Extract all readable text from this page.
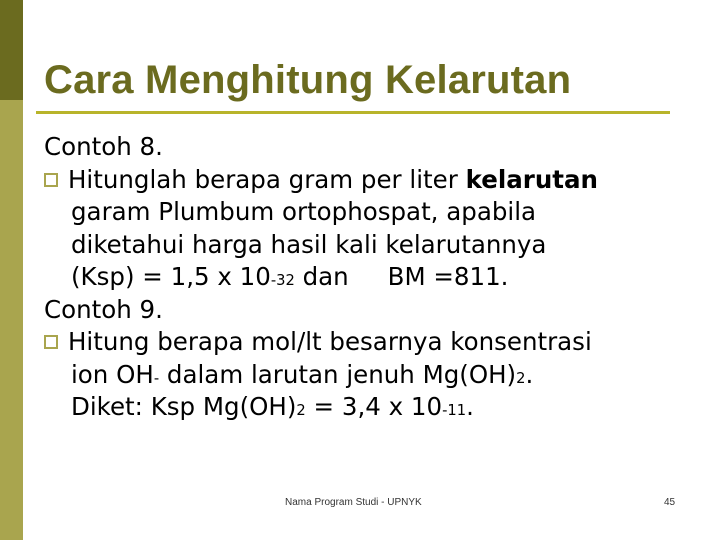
Cara Menghitung Kelarutan
Contoh 8.
Hitunglah berapa gram per liter kelarutan
garam Plumbum ortophospat, apabila
diketahui harga hasil kali kelarutannya
(Ksp) = 1,5 x $10^{-32}$ dan     BM =811.
Contoh 9.
Hitung berapa mol/lt besarnya konsentrasi
ion OH- dalam larutan jenuh $Mg(OH)_2$.
Diket: Ksp $Mg(OH)_2 = 3,4$ x $10^{-11}$.
Nama Program Studi - UPNYK	45
